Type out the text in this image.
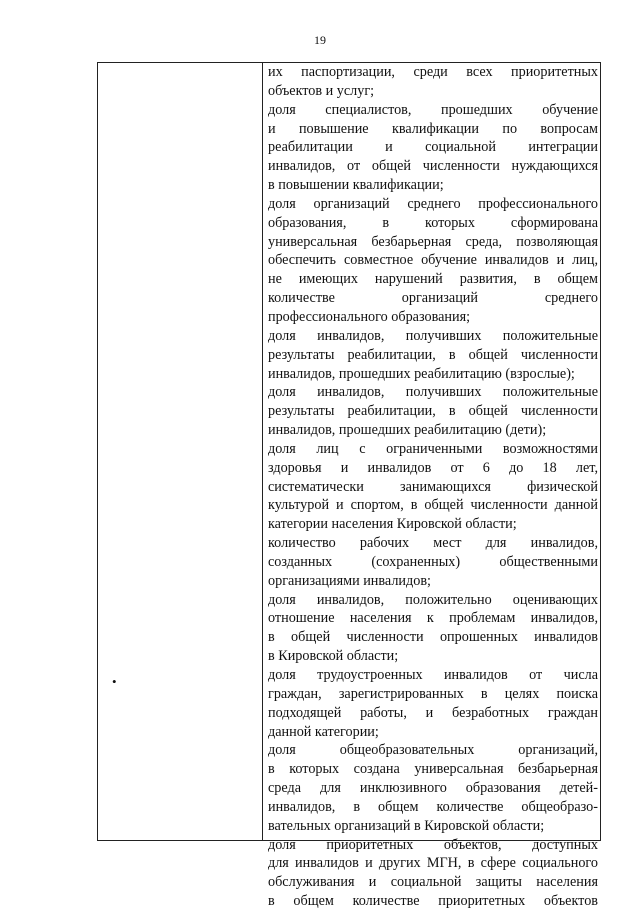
19
•
их паспортизации, среди всех приоритетных
объектов и услуг;
доля специалистов, прошедших обучение
и повышение квалификации по вопросам
реабилитации и социальной интеграции
инвалидов, от общей численности нуждающихся
в повышении квалификации;
доля организаций среднего профессионального
образования, в которых сформирована
универсальная безбарьерная среда, позволяющая
обеспечить совместное обучение инвалидов и лиц,
не имеющих нарушений развития, в общем
количестве организаций среднего
профессионального образования;
доля инвалидов, получивших положительные
результаты реабилитации, в общей численности
инвалидов, прошедших реабилитацию (взрослые);
доля инвалидов, получивших положительные
результаты реабилитации, в общей численности
инвалидов, прошедших реабилитацию (дети);
доля лиц с ограниченными возможностями
здоровья и инвалидов от 6 до 18 лет,
систематически занимающихся физической
культурой и спортом, в общей численности данной
категории населения Кировской области;
количество рабочих мест для инвалидов,
созданных (сохраненных) общественными
организациями инвалидов;
доля инвалидов, положительно оценивающих
отношение населения к проблемам инвалидов,
в общей численности опрошенных инвалидов
в Кировской области;
доля трудоустроенных инвалидов от числа
граждан, зарегистрированных в целях поиска
подходящей работы, и безработных граждан
данной категории;
доля общеобразовательных организаций,
в которых создана универсальная безбарьерная
среда для инклюзивного образования детей-
инвалидов, в общем количестве общеобразо-
вательных организаций в Кировской области;
доля приоритетных объектов, доступных
для инвалидов и других МГН, в сфере социального
обслуживания и социальной защиты населения
в общем количестве приоритетных объектов
